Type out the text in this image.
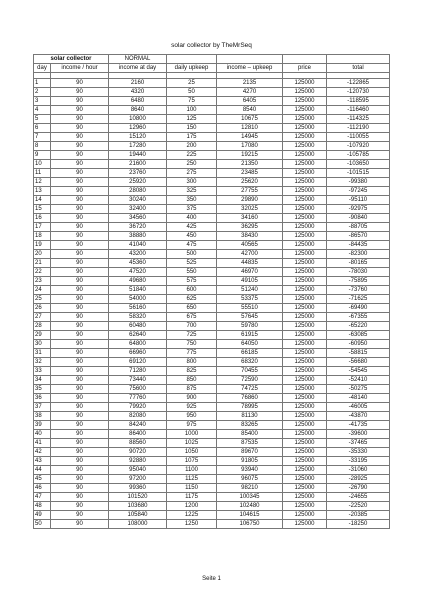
solar collector by TheMrSeq
solar collector		NORMAL				
day	income / hour	income at day	daily upkeep	income – upkeep	price	total

1	90	2160	25	2135	125000	-122865
2	90	4320	50	4270	125000	-120730
3	90	6480	75	6405	125000	-118595
4	90	8640	100	8540	125000	-116460
5	90	10800	125	10675	125000	-114325
6	90	12960	150	12810	125000	-112190
7	90	15120	175	14945	125000	-110055
8	90	17280	200	17080	125000	-107920
9	90	19440	225	19215	125000	-105785
10	90	21600	250	21350	125000	-103650
11	90	23760	275	23485	125000	-101515
12	90	25920	300	25620	125000	-99380
13	90	28080	325	27755	125000	-97245
14	90	30240	350	29890	125000	-95110
15	90	32400	375	32025	125000	-92975
16	90	34560	400	34160	125000	-90840
17	90	36720	425	36295	125000	-88705
18	90	38880	450	38430	125000	-86570
19	90	41040	475	40565	125000	-84435
20	90	43200	500	42700	125000	-82300
21	90	45360	525	44835	125000	-80165
22	90	47520	550	46970	125000	-78030
23	90	49680	575	49105	125000	-75895
24	90	51840	600	51240	125000	-73760
25	90	54000	625	53375	125000	-71625
26	90	56160	650	55510	125000	-69490
27	90	58320	675	57645	125000	-67355
28	90	60480	700	59780	125000	-65220
29	90	62640	725	61915	125000	-63085
30	90	64800	750	64050	125000	-60950
31	90	66960	775	66185	125000	-58815
32	90	69120	800	68320	125000	-56680
33	90	71280	825	70455	125000	-54545
34	90	73440	850	72590	125000	-52410
35	90	75600	875	74725	125000	-50275
36	90	77760	900	76860	125000	-48140
37	90	79920	925	78995	125000	-46005
38	90	82080	950	81130	125000	-43870
39	90	84240	975	83265	125000	-41735
40	90	86400	1000	85400	125000	-39600
41	90	88560	1025	87535	125000	-37465
42	90	90720	1050	89670	125000	-35330
43	90	92880	1075	91805	125000	-33195
44	90	95040	1100	93940	125000	-31060
45	90	97200	1125	96075	125000	-28925
46	90	99360	1150	98210	125000	-26790
47	90	101520	1175	100345	125000	-24655
48	90	103680	1200	102480	125000	-22520
49	90	105840	1225	104615	125000	-20385
50	90	108000	1250	106750	125000	-18250
Seite 1
